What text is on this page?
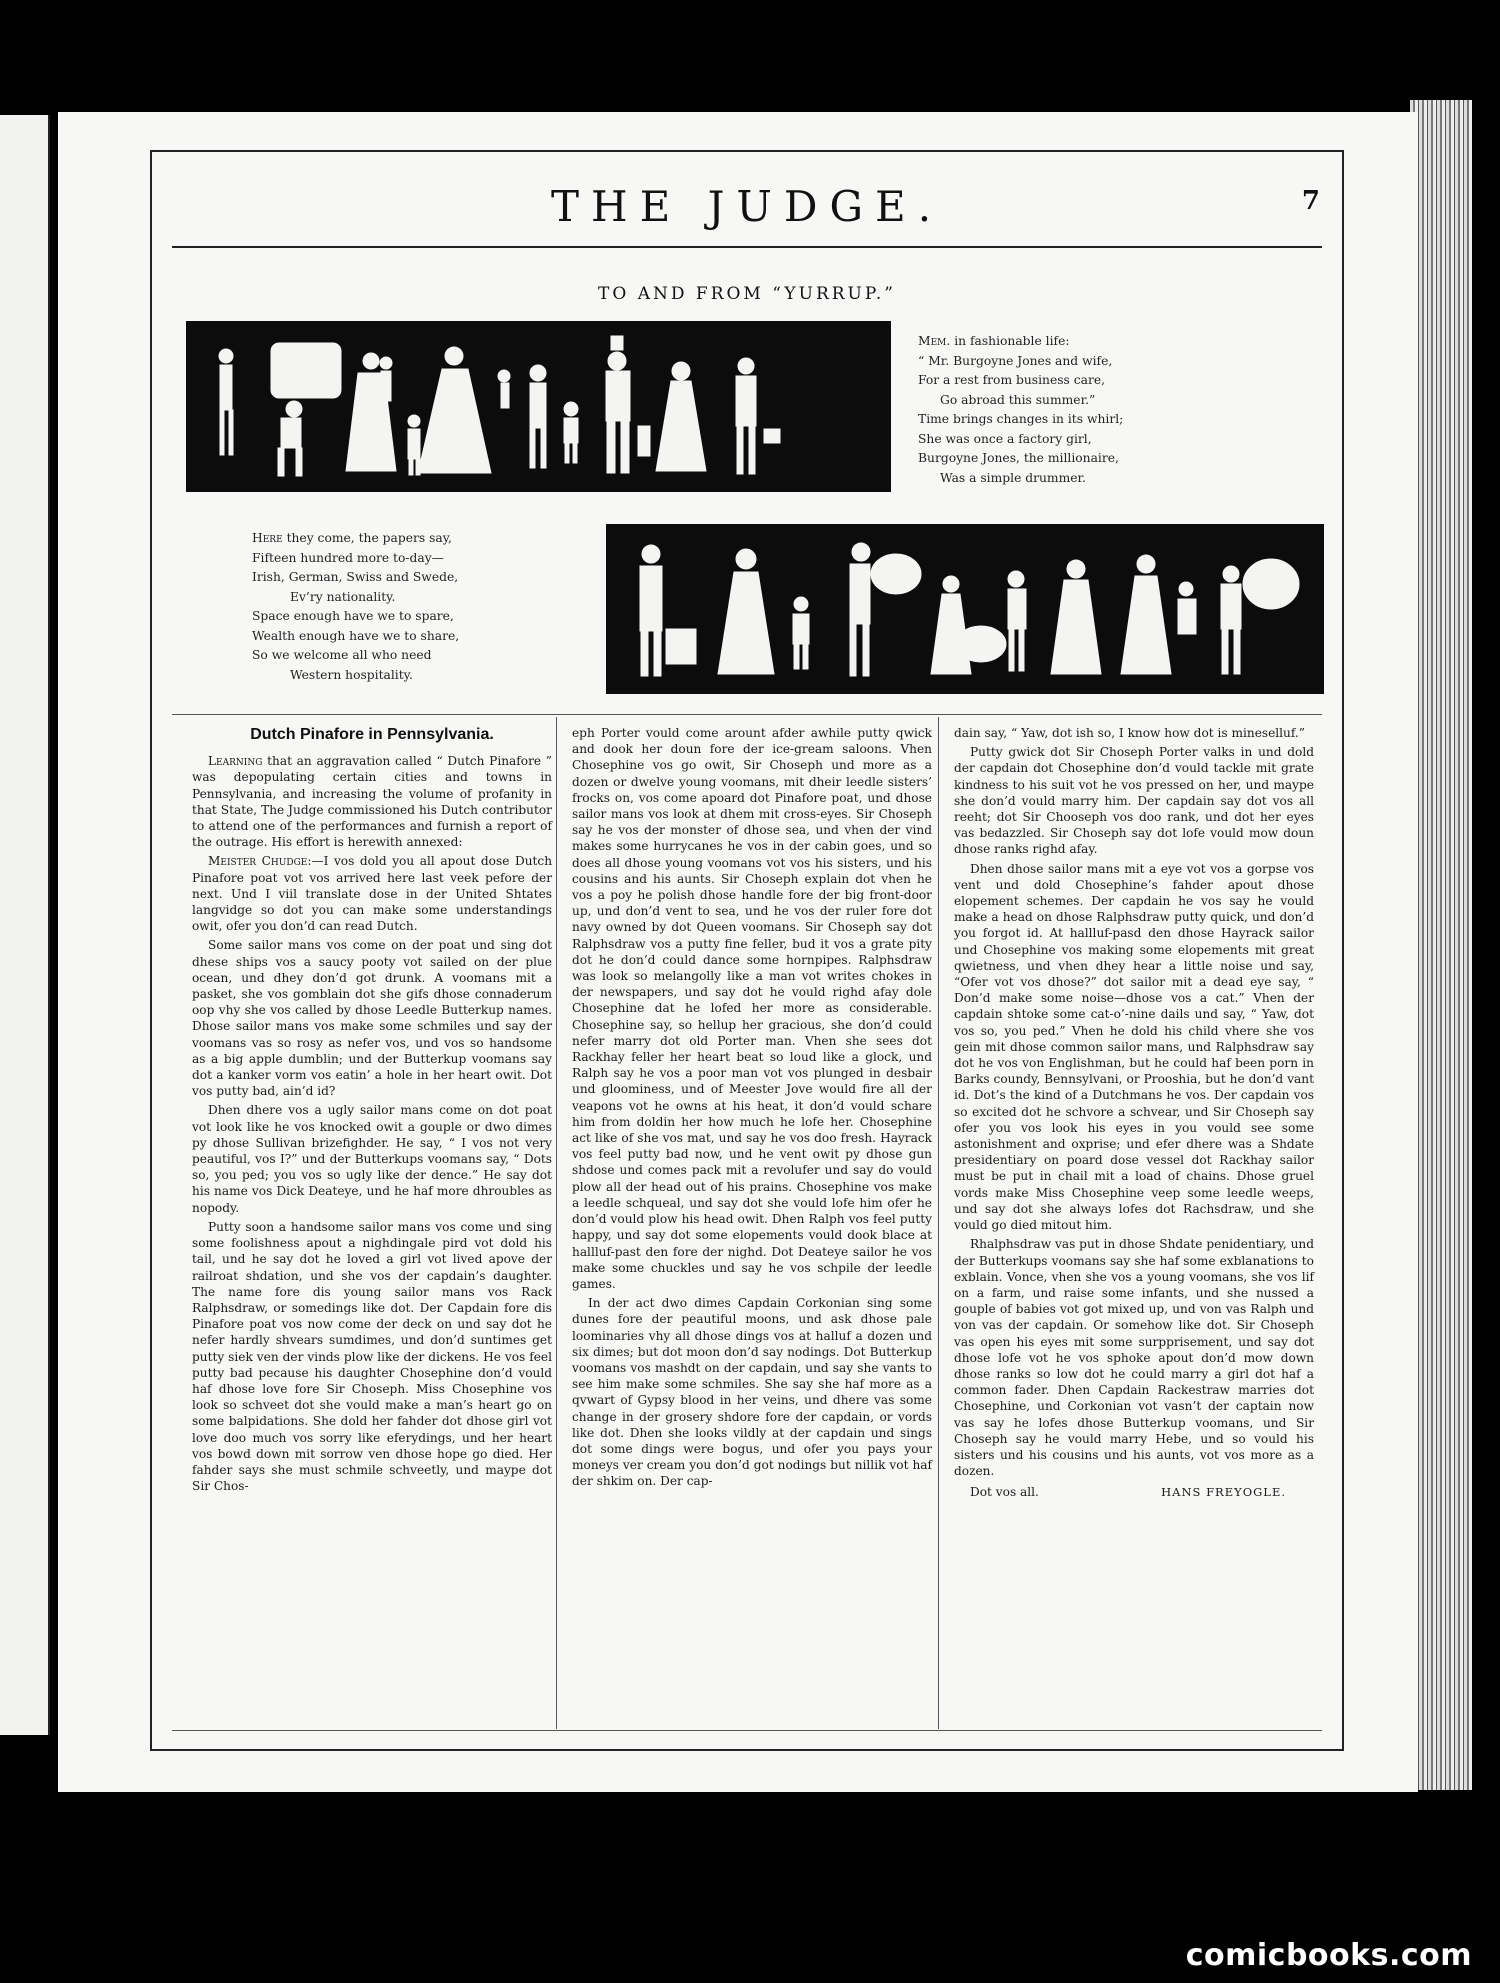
THE JUDGE.	7
TO AND FROM “YURRUP.”
Mem. in fashionable life:
“ Mr. Burgoyne Jones and wife,
For a rest from business care,
Go abroad this summer.”
Time brings changes in its whirl;
She was once a factory girl,
Burgoyne Jones, the millionaire,
Was a simple drummer.
Here they come, the papers say,
Fifteen hundred more to-day—
Irish, German, Swiss and Swede,
Ev’ry nationality.
Space enough have we to spare,
Wealth enough have we to share,
So we welcome all who need
Western hospitality.
Dutch Pinafore in Pennsylvania.

Learning that an aggravation called “ Dutch Pinafore ” was depopulating certain cities and towns in Pennsylvania, and increasing the volume of profanity in that State, The Judge commissioned his Dutch contributor to attend one of the performances and furnish a report of the outrage. His effort is herewith annexed:

Meister Chudge:—I vos dold you all apout dose Dutch Pinafore poat vot vos arrived here last veek pefore der next. Und I viil translate dose in der United Shtates langvidge so dot you can make some understandings owit, ofer you don’d can read Dutch.

Some sailor mans vos come on der poat und sing dot dhese ships vos a saucy pooty vot sailed on der plue ocean, und dhey don’d got drunk. A voomans mit a pasket, she vos gomblain dot she gifs dhose connaderum oop vhy she vos called by dhose Leedle Butterkup names. Dhose sailor mans vos make some schmiles und say der voomans vas so rosy as nefer vos, und vos so handsome as a big apple dumblin; und der Butterkup voomans say dot a kanker vorm vos eatin’ a hole in her heart owit. Dot vos putty bad, ain’d id?

Dhen dhere vos a ugly sailor mans come on dot poat vot look like he vos knocked owit a gouple or dwo dimes py dhose Sullivan brizefighder. He say, “ I vos not very peautiful, vos I?” und der Butterkups voomans say, “ Dots so, you ped; you vos so ugly like der dence.” He say dot his name vos Dick Deateye, und he haf more dhroubles as nopody.

Putty soon a handsome sailor mans vos come und sing some foolishness apout a nighdingale pird vot dold his tail, und he say dot he loved a girl vot lived apove der railroat shdation, und she vos der capdain’s daughter. The name fore dis young sailor mans vos Rack Ralphsdraw, or somedings like dot. Der Capdain fore dis Pinafore poat vos now come der deck on und say dot he nefer hardly shvears sumdimes, und don’d suntimes get putty siek ven der vinds plow like der dickens. He vos feel putty bad pecause his daughter Chosephine don’d vould haf dhose love fore Sir Choseph. Miss Chosephine vos look so schveet dot she vould make a man’s heart go on some balpidations. She dold her fahder dot dhose girl vot love doo much vos sorry like eferydings, und her heart vos bowd down mit sorrow ven dhose hope go died. Her fahder says she must schmile schveetly, und maype dot Sir Chos-

eph Porter vould come arount afder awhile putty qwick and dook her doun fore der ice-gream saloons. Vhen Chosephine vos go owit, Sir Choseph und more as a dozen or dwelve young voomans, mit dheir leedle sisters’ frocks on, vos come apoard dot Pinafore poat, und dhose sailor mans vos look at dhem mit cross-eyes. Sir Choseph say he vos der monster of dhose sea, und vhen der vind makes some hurrycanes he vos in der cabin goes, und so does all dhose young voomans vot vos his sisters, und his cousins and his aunts. Sir Choseph explain dot vhen he vos a poy he polish dhose handle fore der big front-door up, und don’d vent to sea, und he vos der ruler fore dot navy owned by dot Queen voomans. Sir Choseph say dot Ralphsdraw vos a putty fine feller, bud it vos a grate pity dot he don’d could dance some hornpipes. Ralphsdraw was look so melangolly like a man vot writes chokes in der newspapers, und say dot he vould righd afay dole Chosephine dat he lofed her more as considerable. Chosephine say, so hellup her gracious, she don’d could nefer marry dot old Porter man. Vhen she sees dot Rackhay feller her heart beat so loud like a glock, und Ralph say he vos a poor man vot vos plunged in desbair und gloominess, und of Meester Jove would fire all der veapons vot he owns at his heat, it don’d vould schare him from doldin her how much he lofe her. Chosephine act like of she vos mat, und say he vos doo fresh. Hayrack vos feel putty bad now, und he vent owit py dhose gun shdose und comes pack mit a revolufer und say do vould plow all der head out of his prains. Chosephine vos make a leedle schqueal, und say dot she vould lofe him ofer he don’d vould plow his head owit. Dhen Ralph vos feel putty happy, und say dot some elopements vould dook blace at hallluf-past den fore der nighd. Dot Deateye sailor he vos make some chuckles und say he vos schpile der leedle games.

In der act dwo dimes Capdain Corkonian sing some dunes fore der peautiful moons, und ask dhose pale loominaries vhy all dhose dings vos at halluf a dozen und six dimes; but dot moon don’d say nodings. Dot Butterkup voomans vos mashdt on der capdain, und say she vants to see him make some schmiles. She say she haf more as a qvwart of Gypsy blood in her veins, und dhere vas some change in der grosery shdore fore der capdain, or vords like dot. Dhen she looks vildly at der capdain und sings dot some dings were bogus, und ofer you pays your moneys ver cream you don’d got nodings but nillik vot haf der shkim on. Der cap-

dain say, “ Yaw, dot ish so, I know how dot is mineselluf.”

Putty gwick dot Sir Choseph Porter valks in und dold der capdain dot Chosephine don’d vould tackle mit grate kindness to his suit vot he vos pressed on her, und maype she don’d vould marry him. Der capdain say dot vos all reeht; dot Sir Chooseph vos doo rank, und dot her eyes vas bedazzled. Sir Choseph say dot lofe vould mow doun dhose ranks righd afay.

Dhen dhose sailor mans mit a eye vot vos a gorpse vos vent und dold Chosephine’s fahder apout dhose elopement schemes. Der capdain he vos say he vould make a head on dhose Ralphsdraw putty quick, und don’d you forgot id. At hallluf-pasd den dhose Hayrack sailor und Chosephine vos making some elopements mit great qwietness, und vhen dhey hear a little noise und say, “Ofer vot vos dhose?” dot sailor mit a dead eye say, “ Don’d make some noise—dhose vos a cat.” Vhen der capdain shtoke some cat-o’-nine dails und say, “ Yaw, dot vos so, you ped.” Vhen he dold his child vhere she vos gein mit dhose common sailor mans, und Ralphsdraw say dot he vos von Englishman, but he could haf been porn in Barks coundy, Bennsylvani, or Prooshia, but he don’d vant id. Dot’s the kind of a Dutchmans he vos. Der capdain vos so excited dot he schvore a schvear, und Sir Choseph say ofer you vos look his eyes in you vould see some astonishment and oxprise; und efer dhere was a Shdate presidentiary on poard dose vessel dot Rackhay sailor must be put in chail mit a load of chains. Dhose gruel vords make Miss Chosephine veep some leedle weeps, und say dot she always lofes dot Rachsdraw, und she vould go died mitout him.

Rhalphsdraw vas put in dhose Shdate penidentiary, und der Butterkups voomans say she haf some exblanations to exblain. Vonce, vhen she vos a young voomans, she vos lif on a farm, und raise some infants, und she nussed a gouple of babies vot got mixed up, und von vas Ralph und von vas der capdain. Or somehow like dot. Sir Choseph vas open his eyes mit some surpprisement, und say dot dhose lofe vot he vos sphoke apout don’d mow down dhose ranks so low dot he could marry a girl dot haf a common fader. Dhen Capdain Rackestraw marries dot Chosephine, und Corkonian vot vasn’t der captain now vas say he lofes dhose Butterkup voomans, und Sir Choseph say he vould marry Hebe, und so vould his sisters und his cousins und his aunts, vot vos more as a dozen.

Dot vos all.	HANS FREYOGLE.
comicbooks.com
